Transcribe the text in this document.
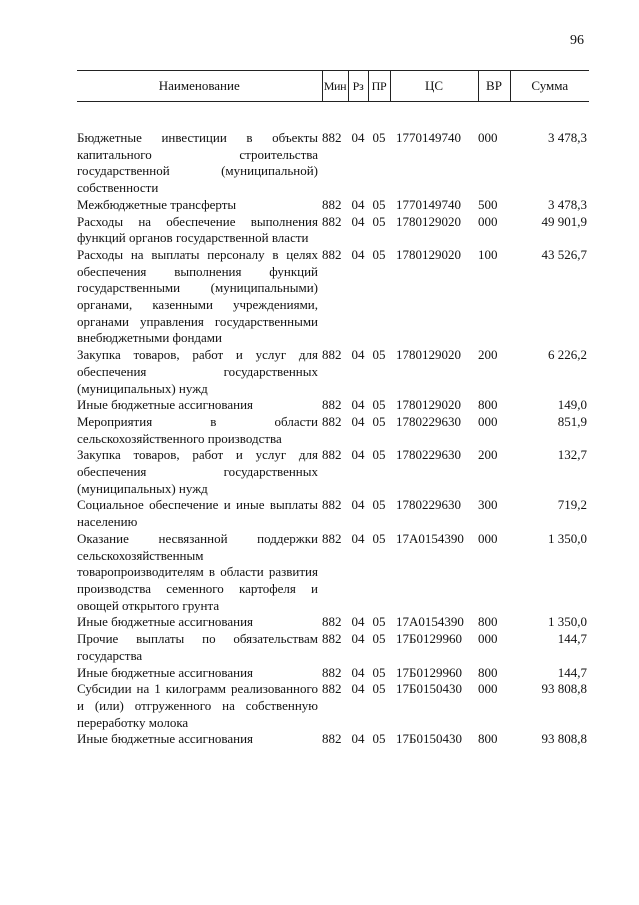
96
Наименование	Мин	Рз	ПР	ЦС	ВР	Сумма

Бюджетные инвестиции в объекты капитального строительства государственной (муниципальной) собственности	882	04	05	1770149740	000	3 478,3
Межбюджетные трансферты	882	04	05	1770149740	500	3 478,3
Расходы на обеспечение выполнения функций органов государственной власти	882	04	05	1780129020	000	49 901,9
Расходы на выплаты персоналу в целях обеспечения выполнения функций государственными (муниципальными) органами, казенными учреждениями, органами управления государственными внебюджетными фондами	882	04	05	1780129020	100	43 526,7
Закупка товаров, работ и услуг для обеспечения государственных (муниципальных) нужд	882	04	05	1780129020	200	6 226,2
Иные бюджетные ассигнования	882	04	05	1780129020	800	149,0
Мероприятия в области сельскохозяйственного производства	882	04	05	1780229630	000	851,9
Закупка товаров, работ и услуг для обеспечения государственных (муниципальных) нужд	882	04	05	1780229630	200	132,7
Социальное обеспечение и иные выплаты населению	882	04	05	1780229630	300	719,2
Оказание несвязанной поддержки сельскохозяйственным товаропроизводителям в области развития производства семенного картофеля и овощей открытого грунта	882	04	05	17А0154390	000	1 350,0
Иные бюджетные ассигнования	882	04	05	17А0154390	800	1 350,0
Прочие выплаты по обязательствам государства	882	04	05	17Б0129960	000	144,7
Иные бюджетные ассигнования	882	04	05	17Б0129960	800	144,7
Субсидии на 1 килограмм реализованного и (или) отгруженного на собственную переработку молока	882	04	05	17Б0150430	000	93 808,8
Иные бюджетные ассигнования	882	04	05	17Б0150430	800	93 808,8
